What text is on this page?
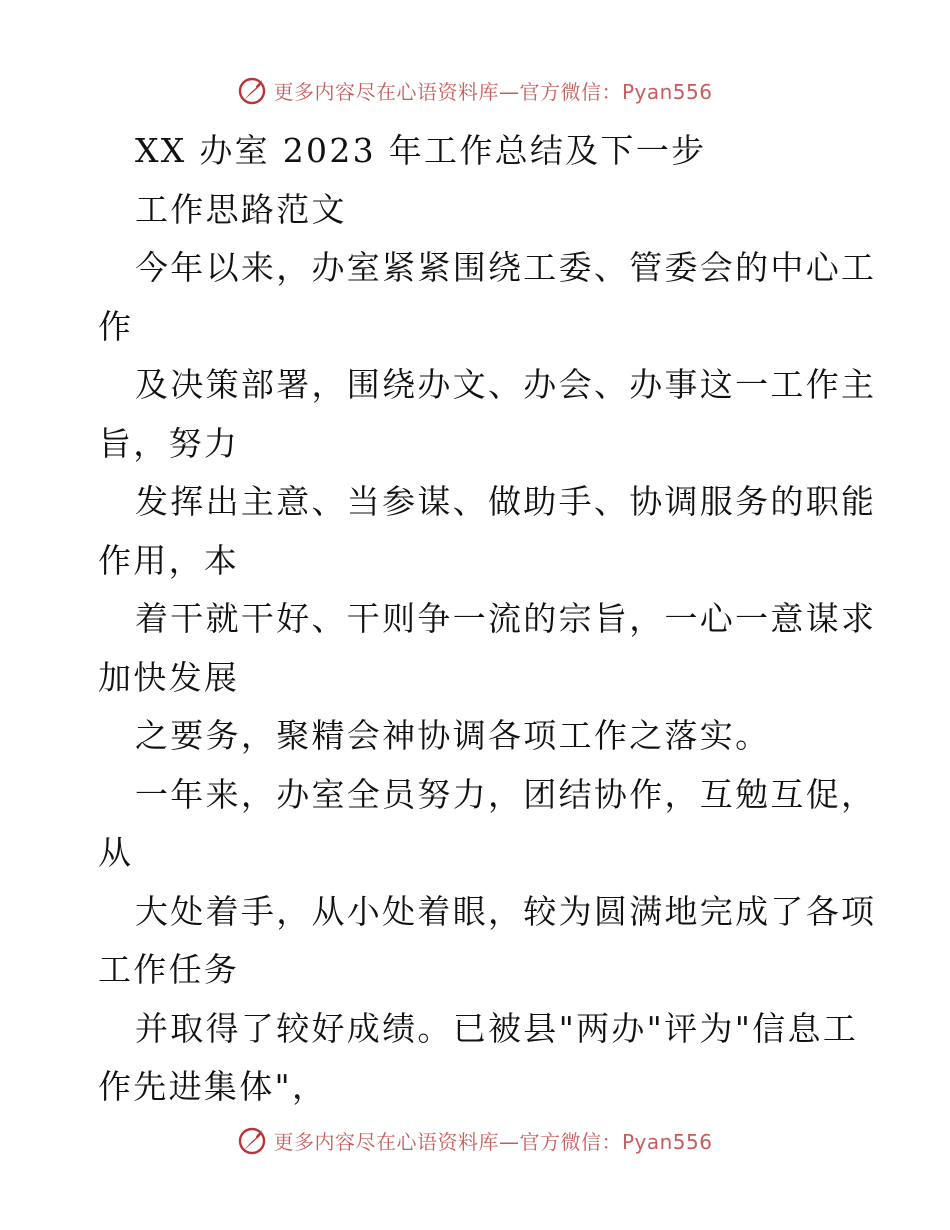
更多内容尽在心语资料库—官方微信：Pyan556

XX 办室 2023 年工作总结及下一步

工作思路范文

今年以来，办室紧紧围绕工委、管委会的中心工

作

及决策部署，围绕办文、办会、办事这一工作主

旨，努力

发挥出主意、当参谋、做助手、协调服务的职能

作用，本

着干就干好、干则争一流的宗旨，一心一意谋求

加快发展

之要务，聚精会神协调各项工作之落实。

一年来，办室全员努力，团结协作，互勉互促，

从

大处着手，从小处着眼，较为圆满地完成了各项

工作任务

并取得了较好成绩。已被县"两办"评为"信息工

作先进集体"，

更多内容尽在心语资料库—官方微信：Pyan556
